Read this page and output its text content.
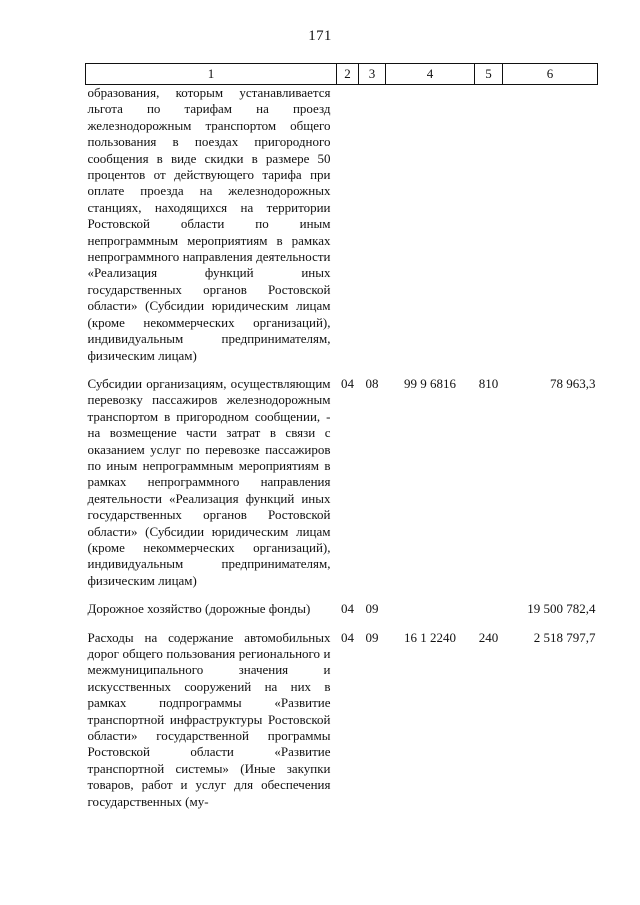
171
1	2	3	4	5	6
образования, которым устанавливается льгота по тарифам на проезд железнодорожным транспортом общего пользования в поездах пригородного сообщения в виде скидки в размере 50 процентов от действующего тарифа при оплате проезда на железнодорожных станциях, находящихся на территории Ростовской области по иным непрограммным мероприятиям в рамках непрограммного направления деятельности «Реализация функций иных государственных органов Ростовской области» (Субсидии юридическим лицам (кроме некоммерческих организаций), индивидуальным предпринимателям, физическим лицам)					

Субсидии организациям, осуществляющим перевозку пассажиров железнодорожным транспортом в пригородном сообщении, - на возмещение части затрат в связи с оказанием услуг по перевозке пассажиров по иным непрограммным мероприятиям в рамках непрограммного направления деятельности «Реализация функций иных государственных органов Ростовской области» (Субсидии юридическим лицам (кроме некоммерческих организаций), индивидуальным предпринимателям, физическим лицам)	04	08	99 9 6816	810	78 963,3

Дорожное хозяйство (дорожные фонды)	04	09			19 500 782,4

Расходы на содержание автомобильных дорог общего пользования регионального и межмуниципального значения и искусственных сооружений на них в рамках подпрограммы «Развитие транспортной инфраструктуры Ростовской области» государственной программы Ростовской области «Развитие транспортной системы» (Иные закупки товаров, работ и услуг для обеспечения государственных (му-	04	09	16 1 2240	240	2 518 797,7
